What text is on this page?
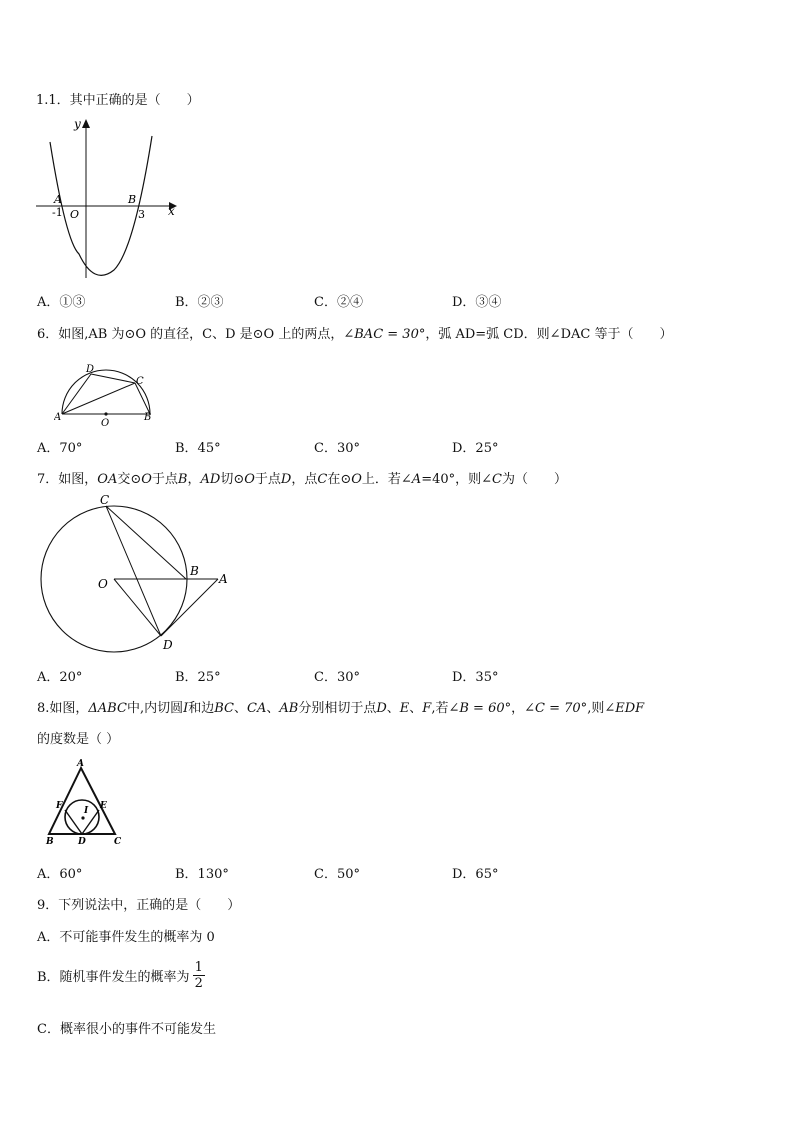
1.1．其中正确的是（　　）
y
x
A	B
O
-1	3
A．①③	B．②③	C．②④	D．③④
6．如图,AB 为⊙O 的直径，C、D 是⊙O 上的两点，∠BAC = 30°，弧 AD=弧 CD．则∠DAC 等于（　　）
A	B
C
D
O
A．70°	B．45°	C．30°	D．25°
7．如图，OA交⊙O于点B，AD切⊙O于点D，点C在⊙O上．若∠A=40°，则∠C为（　　）
C
O
B
A
D
A．20°	B．25°	C．30°	D．35°
8.如图，ΔABC中,内切圆I和边BC、CA、AB分别相切于点D、E、F,若∠B = 60°，∠C = 70°,则∠EDF
的度数是（ ）
A
B	C
D
E
F I
A．60°	B．130°	C．50°	D．65°
9．下列说法中，正确的是（　　）
A．不可能事件发生的概率为 0
B．随机事件发生的概率为 $\frac{1}{2}$
C．概率很小的事件不可能发生
